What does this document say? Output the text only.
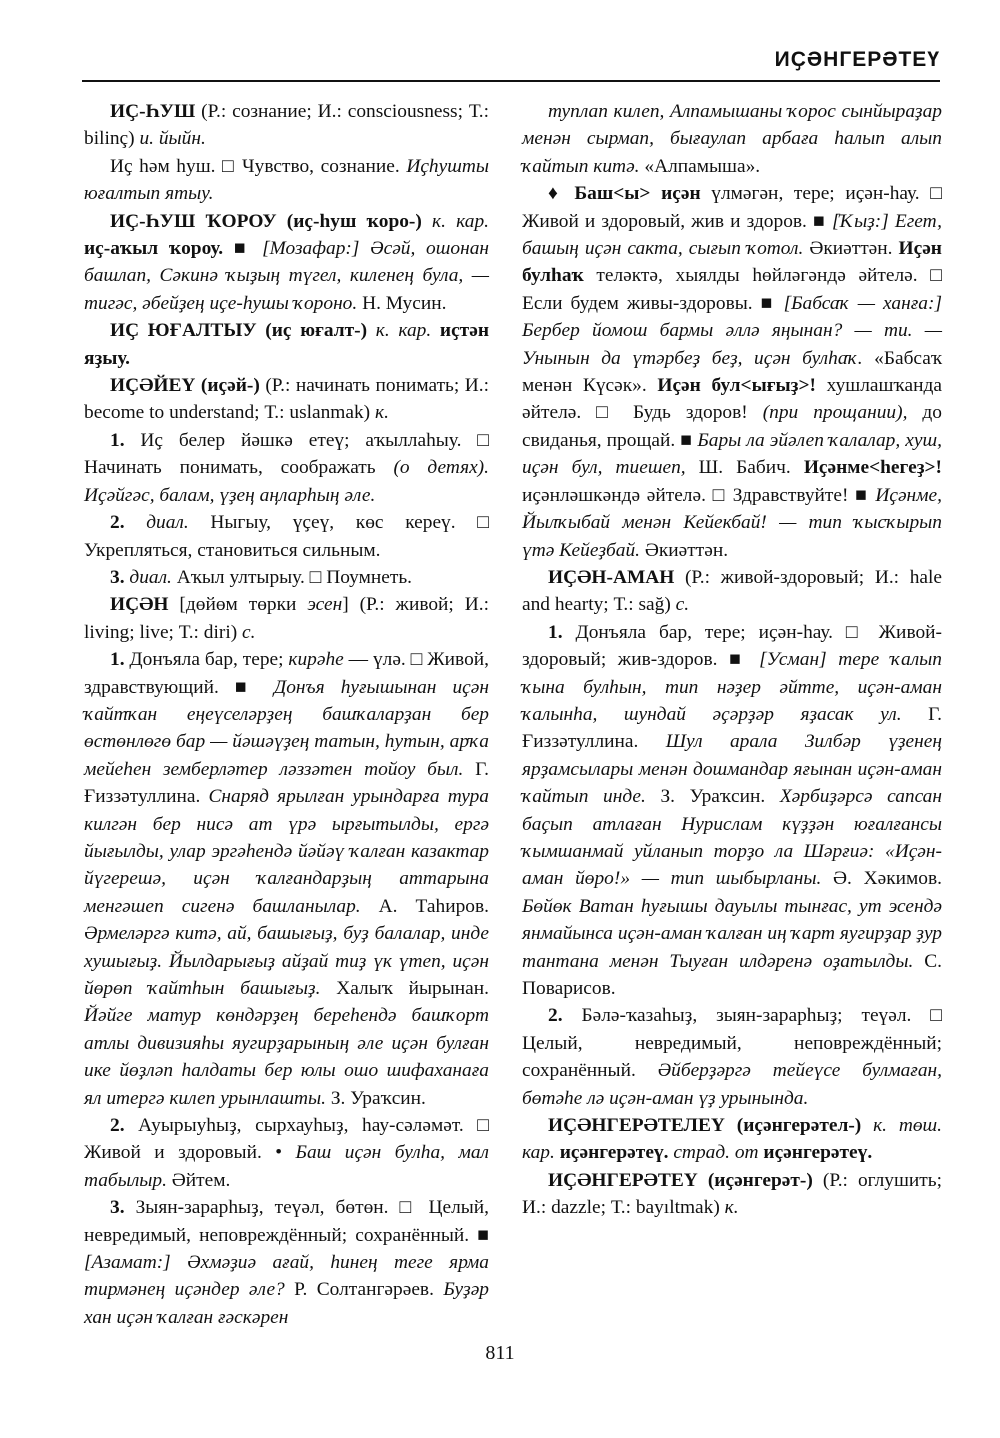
ИҪӘНГЕРӘТЕҮ

ИҪ-ҺУШ (Р.: сознание; И.: consciousness; Т.: bilinç) и. йыйн.

Иҫ һәм һуш. □ Чувство, сознание. Иҫһушты юғалтып ятыу.

ИҪ-ҺУШ ҠОРОУ (иҫ-һуш ҡоро-) к. кар. иҫ-аҡыл ҡороу. ■ [Мозафар:] Әсәй, ошонан башлап, Сәкинә ҡыҙың түгел, киленең була, — тигәс, әбейҙең иҫе-һушы ҡороно. Н. Мусин.

ИҪ ЮҒАЛТЫУ (иҫ юғалт-) к. кар. иҫтән яҙыу.

ИҪӘЙЕҮ (иҫәй-) (Р.: начинать понимать; И.: become to understand; Т.: uslanmak) к.

1. Иҫ белер йәшкә етеү; аҡыллаһыу. □ Начинать понимать, соображать (о детях). Иҫәйгәс, балам, үҙең аңларһың әле.

2. диал. Ныгыу, үҫеү, көс кереү. □ Укрепляться, становиться сильным.

3. диал. Аҡыл ултырыу. □ Поумнеть.

ИҪӘН [дөйөм төрки эсен] (Р.: живой; И.: living; live; Т.: diri) с.

1. Донъяла бар, тере; кирәһе — үлә. □ Живой, здравствующий. ■ Донъя һуғышынан иҫән ҡайтҡан еңеүселәрҙең башҡаларҙан бер өстөнлөгө бар — йәшәүҙең татын, һутын, арҡа мейеһен земберләтер ләззәтен тойоу был. Г. Ғиззәтуллина. Снаряд ярылған урындарға тура килгән бер нисә ат үрә ырғытылды, ергә йығылды, улар эргәһендә йәйәү ҡалған казактар йүгерешә, иҫән ҡалғандарҙың аттарына менгәшеп сигенә башланылар. А. Таһиров. Әрмеләргә китә, ай, башығыҙ, буҙ балалар, инде хушығыҙ. Йылдарығыҙ айҙай тиҙ үк үтеп, иҫән йөрөп ҡайтһын башығыҙ. Халыҡ йырынан. Йәйге матур көндәрҙең береһендә башҡорт атлы дивизияһы яугирҙарының әле иҫән булған ике йөҙләп һалдаты бер юлы ошо шифаханаға ял итергә килеп урынлашты. З. Ураҡсин.

2. Ауырыуһыҙ, сырхауһыҙ, һау-сәләмәт. □ Живой и здоровый. • Баш иҫән булһа, мал табылыр. Әйтем.

3. Зыян-зарарһыҙ, теүәл, бөтөн. □ Целый, невредимый, неповреждённый; сохранённый. ■ [Азамат:] Әхмәҙиә ағай, һинең теге ярма тирмәнең иҫәндер әле? Р. Солтангәрәев. Буҙәр хан иҫән ҡалған ғәскәрен

туплап килеп, Алпамышаны ҡорос сынйыраҙар менән сырмап, бығаулап арбаға һалып алып ҡайтып китә. «Алпамыша».

♦ Баш<ы> иҫән үлмәгән, тере; иҫән-һау. □ Живой и здоровый, жив и здоров. ■ [Ҡыҙ:] Егет, башың иҫән сакта, сығып ҡотол. Әкиәттән. Иҫән булһаҡ теләктә, хыялды һөйләгәндә әйтелә. □ Если будем живы-здоровы. ■ [Бабсаҡ — ханға:] Бербер йомош бармы әллә яңынан? — ти. — Унынын да үтәрбеҙ беҙ, иҫән булһаҡ. «Бабсаҡ менән Күсәк». Иҫән бул<ығыҙ>! хушлашҡанда әйтелә. □ Будь здоров! (при прощании), до свиданья, прощай. ■ Бары ла эйәлеп ҡалалар, хуш, иҫән бул, тиешеп, Ш. Бабич. Иҫәнме<һегеҙ>! иҫәнләшкәндә әйтелә. □ Здравствуйте! ■ Иҫәнме, Йылҡыбай менән Кейекбай! — тип ҡысҡырып үтә Кейеҙбай. Әкиәттән.

ИҪӘН-АМАН (Р.: живой-здоровый; И.: hale and hearty; Т.: sağ) с.

1. Донъяла бар, тере; иҫән-һау. □ Живой-здоровый; жив-здоров. ■ [Усман] тере ҡалып ҡына булһын, тип нәҙер әйтте, иҫән-аман ҡалынһа, шундай әҫәрҙәр яҙасак ул. Г. Ғиззәтуллина. Шул арала Зилбәр үҙенең ярҙамсылары менән дошмандар яғынан иҫән-аман ҡайтып инде. З. Ураҡсин. Хәрбиҙәрсә сапсан баҫып атлаған Нурислам күҙҙән юғалғансы ҡымшанмай уйланып торҙо ла Шәрғиә: «Иҫән-аман йөро!» — тип шыбырланы. Ә. Хәкимов. Бөйөк Ватан һуғышы дауылы тынғас, ут эсендә янмайынса иҫән-аман ҡалған иң ҡарт яугирҙар ҙур тантана менән Тыуған илдәренә оҙатылды. С. Поварисов.

2. Бәлә-ҡазаһыҙ, зыян-зарарһыҙ; теүәл. □ Целый, невредимый, неповреждённый; сохранённый. Әйберҙәргә тейеүсе булмаған, бөтәһе лә иҫән-аман үҙ урынында.

ИҪӘНГЕРӘТЕЛЕҮ (иҫәнгерәтел-) к. төш. кар. иҫәнгерәтеү. страд. от иҫәнгерәтеү.

ИҪӘНГЕРӘТЕҮ (иҫәнгерәт-) (Р.: оглушить; И.: dazzle; Т.: bayıltmak) к.

811
